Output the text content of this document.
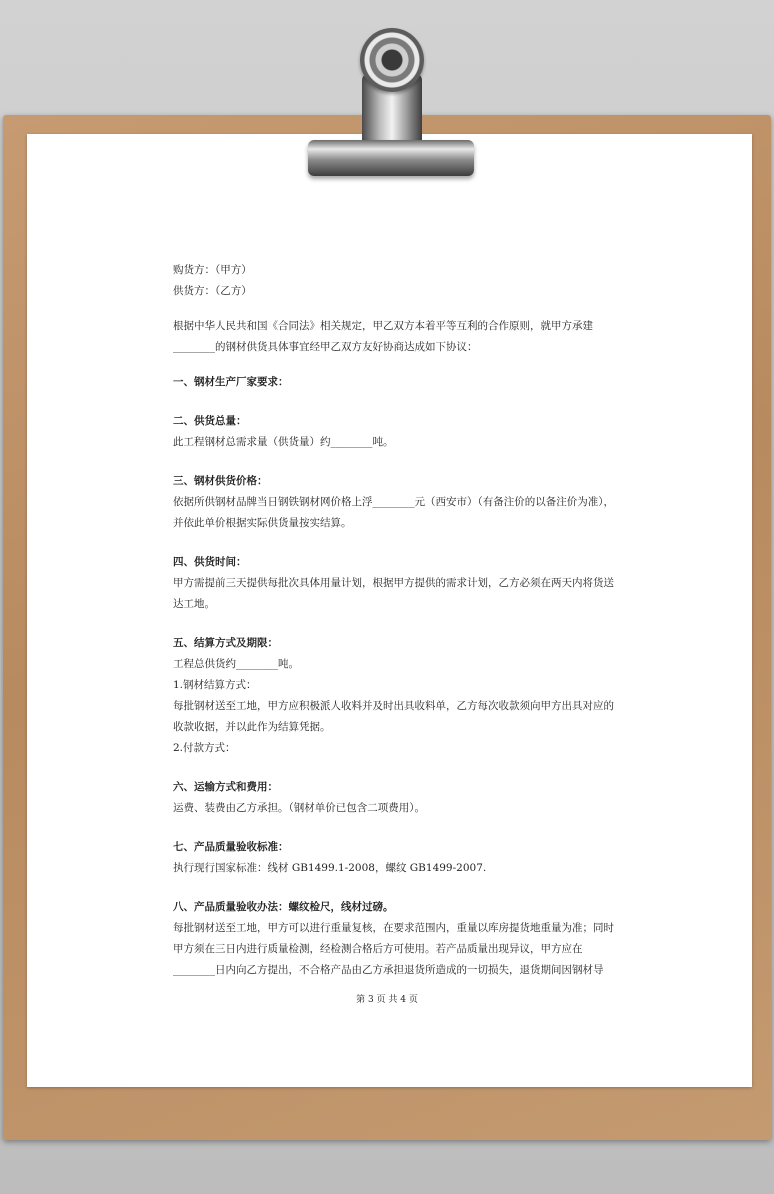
购货方：（甲方）
供货方：（乙方）
根据中华人民共和国《合同法》相关规定，甲乙双方本着平等互利的合作原则，就甲方承建
________的钢材供货具体事宜经甲乙双方友好协商达成如下协议：
一、钢材生产厂家要求：
二、供货总量：
此工程钢材总需求量（供货量）约________吨。
三、钢材供货价格：
依据所供钢材品牌当日钢铁钢材网价格上浮________元（西安市）（有备注价的以备注价为准），
并依此单价根据实际供货量按实结算。
四、供货时间：
甲方需提前三天提供每批次具体用量计划，根据甲方提供的需求计划，乙方必须在两天内将货送
达工地。
五、结算方式及期限：
工程总供货约________吨。
1.钢材结算方式：
每批钢材送至工地，甲方应积极派人收料并及时出具收料单，乙方每次收款须向甲方出具对应的
收款收据，并以此作为结算凭据。
2.付款方式：
六、运输方式和费用：
运费、装费由乙方承担。（钢材单价已包含二项费用）。
七、产品质量验收标准：
执行现行国家标准：线材 GB1499.1-2008，螺纹 GB1499-2007.
八、产品质量验收办法：螺纹检尺，线材过磅。
每批钢材送至工地，甲方可以进行重量复核，在要求范围内，重量以库房提货地重量为准；同时
甲方须在三日内进行质量检测，经检测合格后方可使用。若产品质量出现异议，甲方应在
________日内向乙方提出，不合格产品由乙方承担退货所造成的一切损失，退货期间因钢材导
第 3 页 共 4 页
